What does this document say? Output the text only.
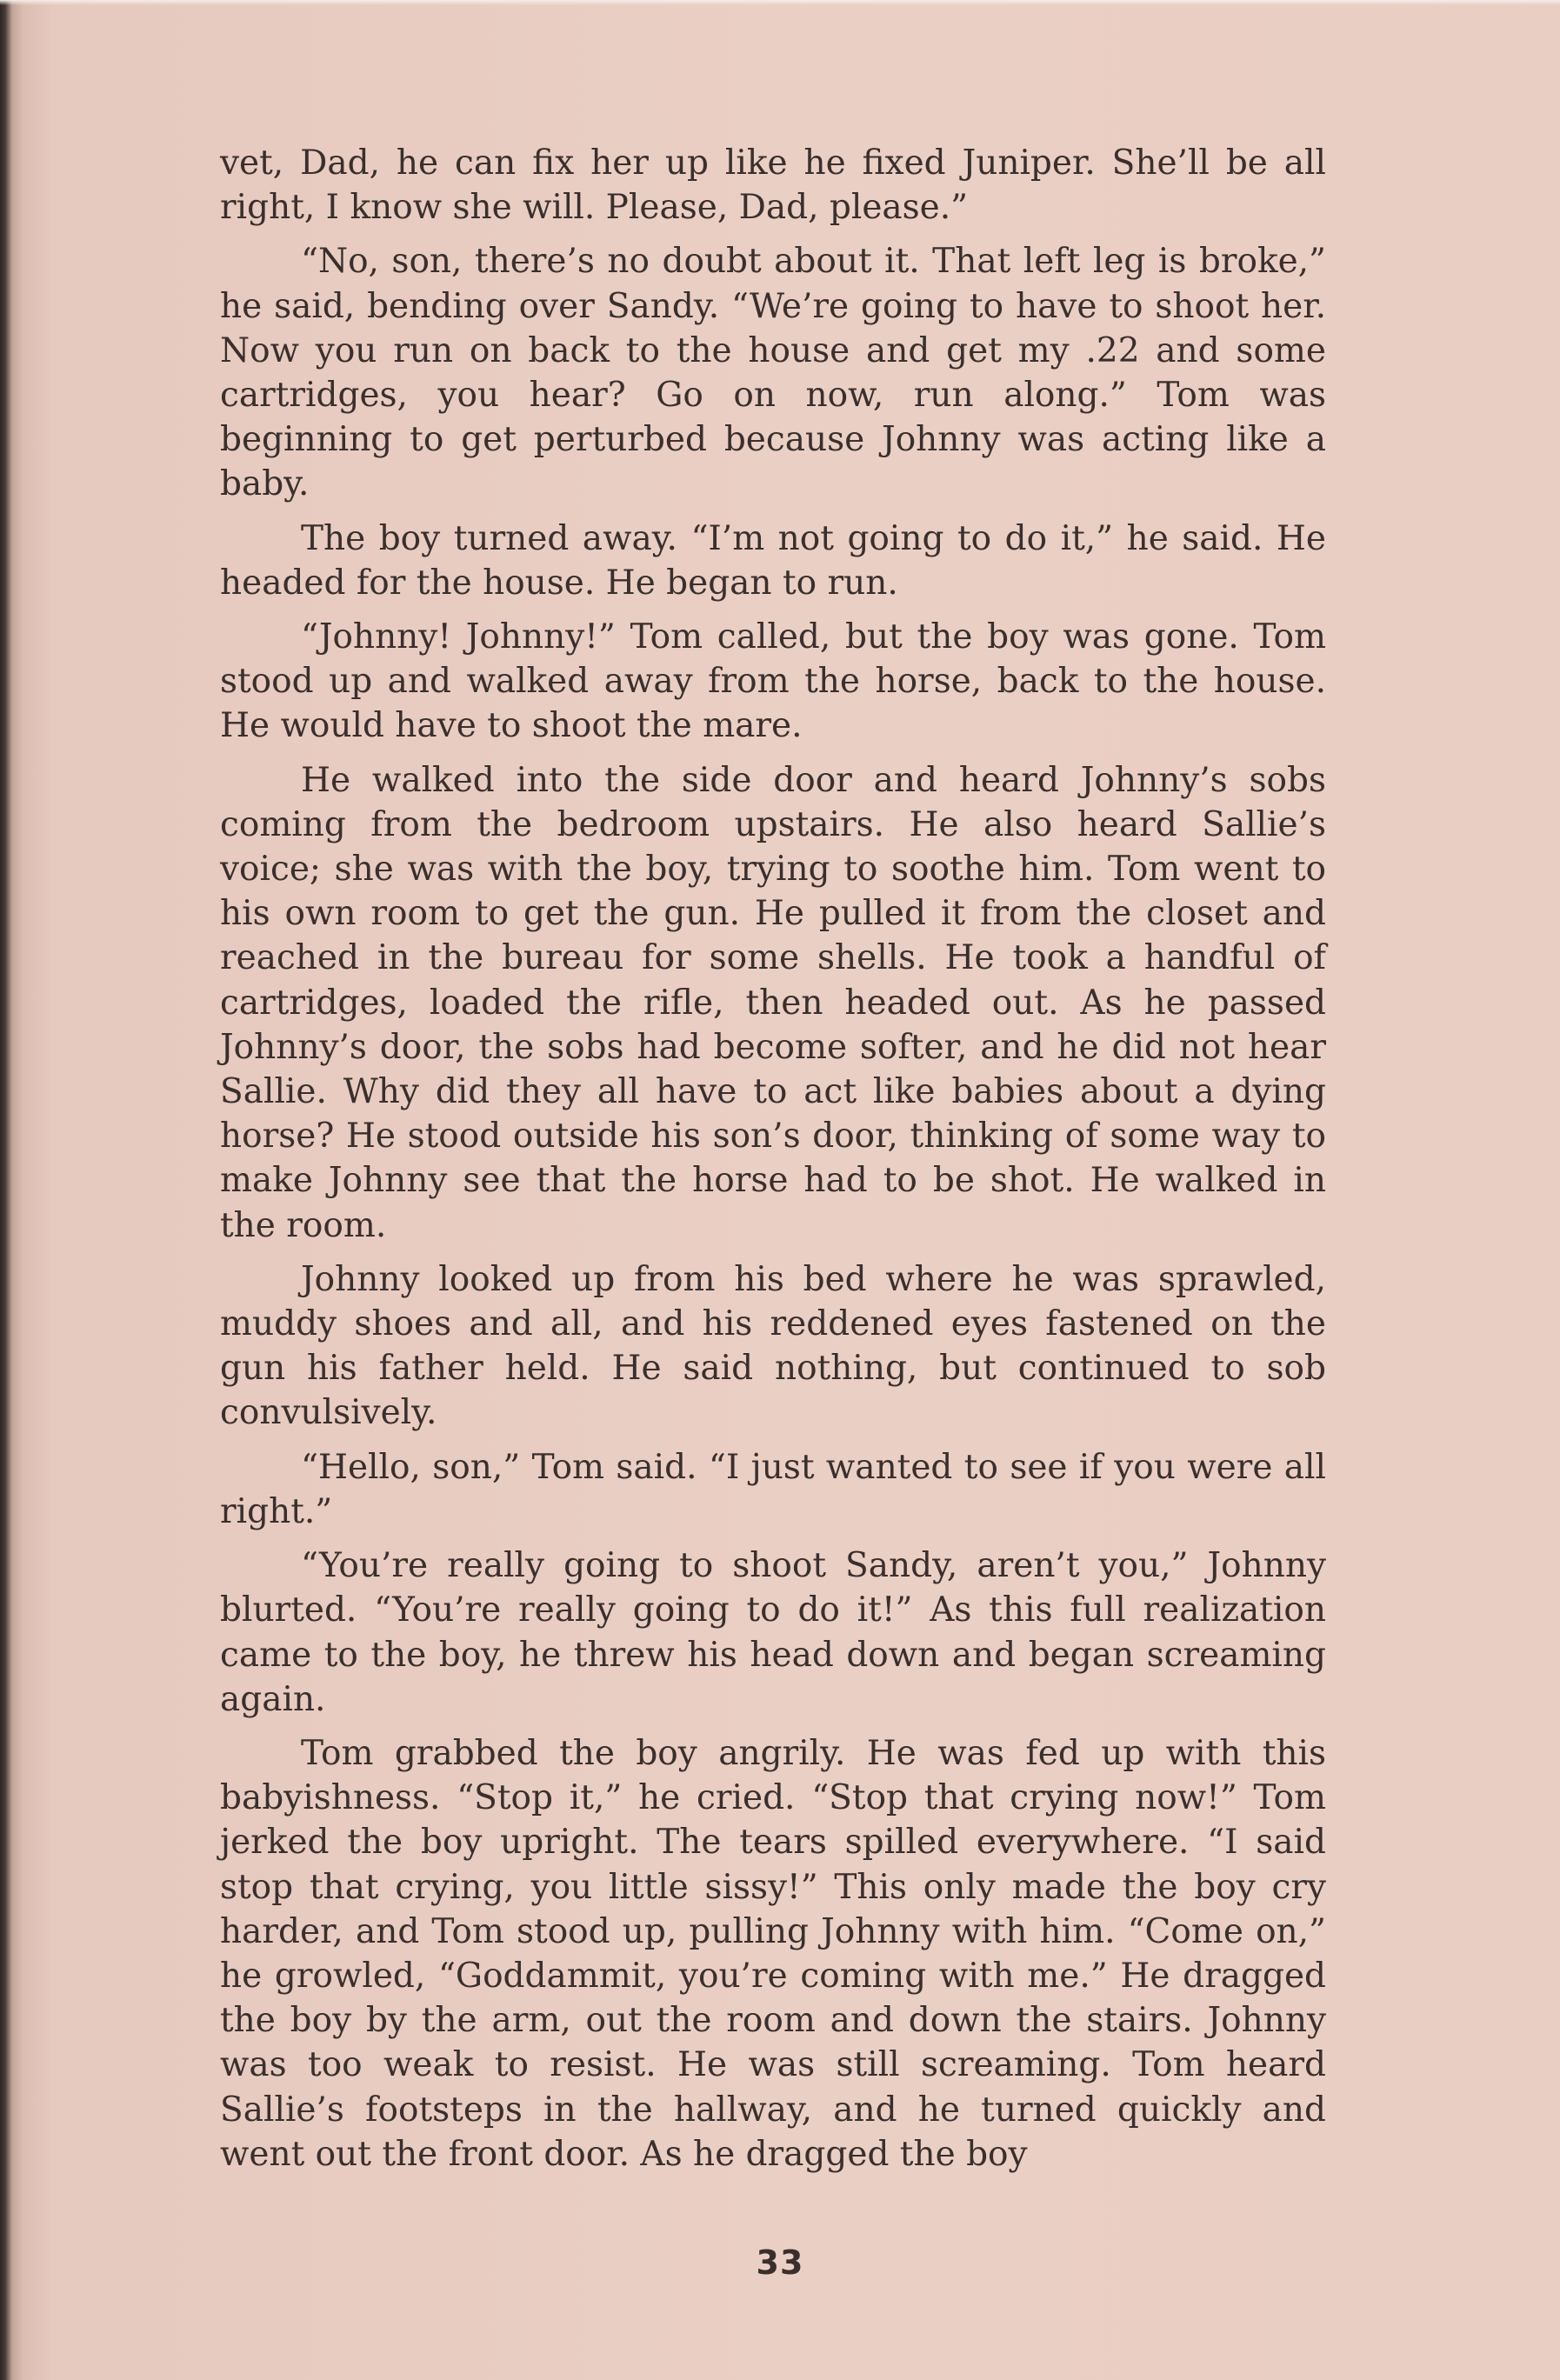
vet, Dad, he can fix her up like he fixed Juniper. She’ll be all right, I know she will. Please, Dad, please.”

“No, son, there’s no doubt about it. That left leg is broke,” he said, bending over Sandy. “We’re going to have to shoot her. Now you run on back to the house and get my .22 and some cartridges, you hear? Go on now, run along.” Tom was beginning to get perturbed because Johnny was acting like a baby.

The boy turned away. “I’m not going to do it,” he said. He headed for the house. He began to run.

“Johnny! Johnny!” Tom called, but the boy was gone. Tom stood up and walked away from the horse, back to the house. He would have to shoot the mare.

He walked into the side door and heard Johnny’s sobs coming from the bedroom upstairs. He also heard Sallie’s voice; she was with the boy, trying to soothe him. Tom went to his own room to get the gun. He pulled it from the closet and reached in the bureau for some shells. He took a handful of cartridges, loaded the rifle, then headed out. As he passed Johnny’s door, the sobs had become softer, and he did not hear Sallie. Why did they all have to act like babies about a dying horse? He stood outside his son’s door, thinking of some way to make Johnny see that the horse had to be shot. He walked in the room.

Johnny looked up from his bed where he was sprawled, muddy shoes and all, and his reddened eyes fastened on the gun his father held. He said nothing, but continued to sob convulsively.

“Hello, son,” Tom said. “I just wanted to see if you were all right.”

“You’re really going to shoot Sandy, aren’t you,” Johnny blurted. “You’re really going to do it!” As this full realization came to the boy, he threw his head down and began screaming again.

Tom grabbed the boy angrily. He was fed up with this babyishness. “Stop it,” he cried. “Stop that crying now!” Tom jerked the boy upright. The tears spilled everywhere. “I said stop that crying, you little sissy!” This only made the boy cry harder, and Tom stood up, pulling Johnny with him. “Come on,” he growled, “Goddammit, you’re coming with me.” He dragged the boy by the arm, out the room and down the stairs. Johnny was too weak to resist. He was still screaming. Tom heard Sallie’s footsteps in the hallway, and he turned quickly and went out the front door. As he dragged the boy

33
